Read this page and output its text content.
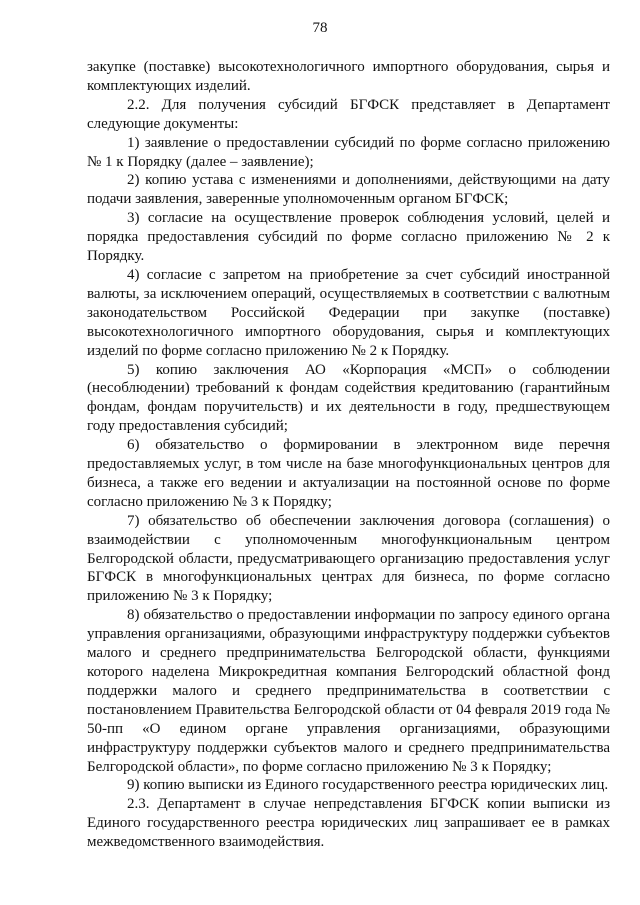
78

закупке (поставке) высокотехнологичного импортного оборудования, сырья и комплектующих изделий.

2.2. Для получения субсидий БГФСК представляет в Департамент следующие документы:

1) заявление о предоставлении субсидий по форме согласно приложению № 1 к Порядку (далее – заявление);

2) копию устава с изменениями и дополнениями, действующими на дату подачи заявления, заверенные уполномоченным органом БГФСК;

3) согласие на осуществление проверок соблюдения условий, целей и порядка предоставления субсидий по форме согласно приложению № 2 к Порядку.

4) согласие с запретом на приобретение за счет субсидий иностранной валюты, за исключением операций, осуществляемых в соответствии с валютным законодательством Российской Федерации при закупке (поставке) высокотехнологичного импортного оборудования, сырья и комплектующих изделий по форме согласно приложению № 2 к Порядку.

5) копию заключения АО «Корпорация «МСП» о соблюдении (несоблюдении) требований к фондам содействия кредитованию (гарантийным фондам, фондам поручительств) и их деятельности в году, предшествующем году предоставления субсидий;

6) обязательство о формировании в электронном виде перечня предоставляемых услуг, в том числе на базе многофункциональных центров для бизнеса, а также его ведении и актуализации на постоянной основе по форме согласно приложению № 3 к Порядку;

7) обязательство об обеспечении заключения договора (соглашения) о взаимодействии с уполномоченным многофункциональным центром Белгородской области, предусматривающего организацию предоставления услуг БГФСК в многофункциональных центрах для бизнеса, по форме согласно приложению № 3 к Порядку;

8) обязательство о предоставлении информации по запросу единого органа управления организациями, образующими инфраструктуру поддержки субъектов малого и среднего предпринимательства Белгородской области, функциями которого наделена Микрокредитная компания Белгородский областной фонд поддержки малого и среднего предпринимательства в соответствии с постановлением Правительства Белгородской области от 04 февраля 2019 года № 50-пп «О едином органе управления организациями, образующими инфраструктуру поддержки субъектов малого и среднего предпринимательства Белгородской области», по форме согласно приложению № 3 к Порядку;

9) копию выписки из Единого государственного реестра юридических лиц.

2.3. Департамент в случае непредставления БГФСК копии выписки из Единого государственного реестра юридических лиц запрашивает ее в рамках межведомственного взаимодействия.
